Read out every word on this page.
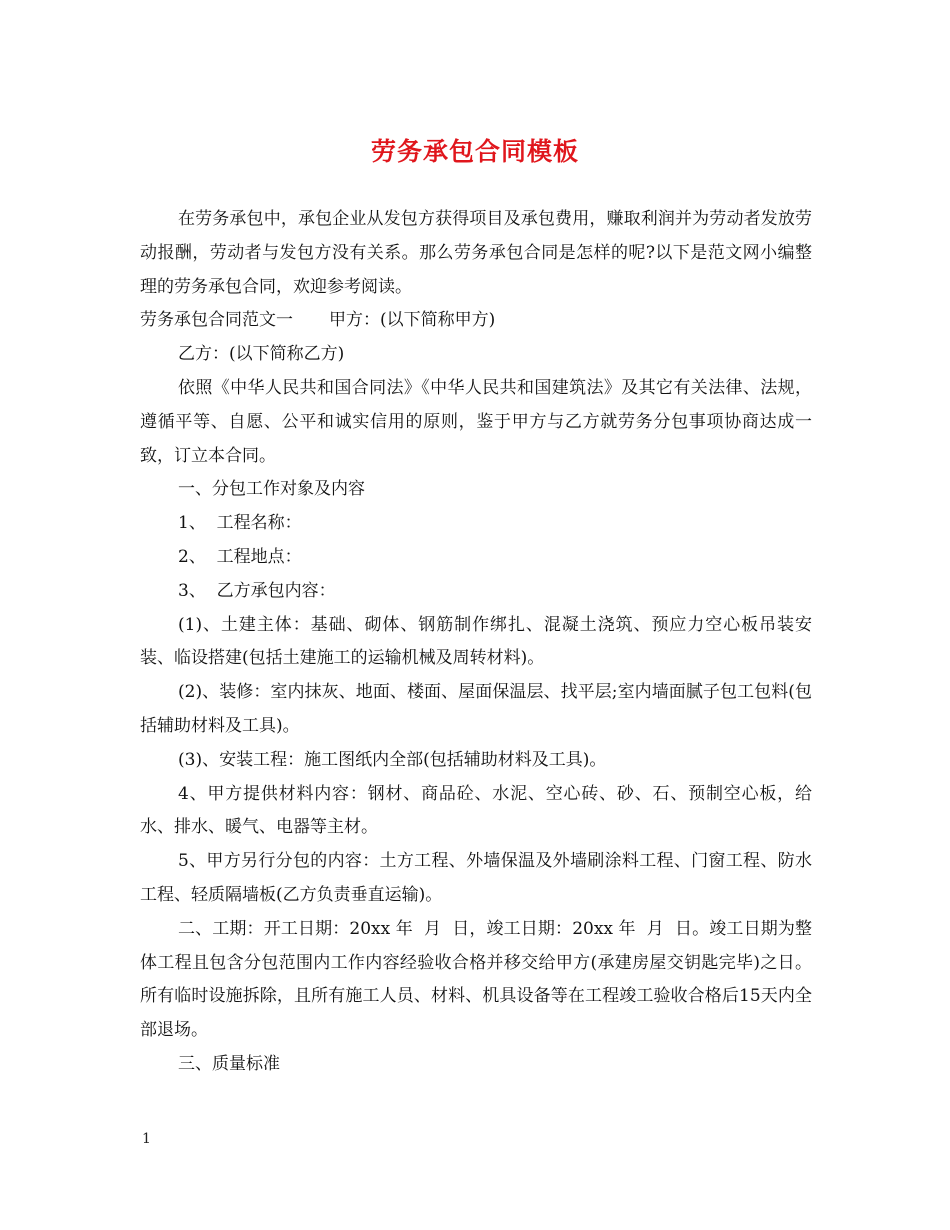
劳务承包合同模板

在劳务承包中，承包企业从发包方获得项目及承包费用，赚取利润并为劳动者发放劳动报酬，劳动者与发包方没有关系。那么劳务承包合同是怎样的呢?以下是范文网小编整理的劳务承包合同，欢迎参考阅读。

劳务承包合同范文一 甲方：(以下简称甲方)

乙方：(以下简称乙方)

依照《中华人民共和国合同法》《中华人民共和国建筑法》及其它有关法律、法规，遵循平等、自愿、公平和诚实信用的原则，鉴于甲方与乙方就劳务分包事项协商达成一致，订立本合同。

一、分包工作对象及内容

1、  工程名称：

2、  工程地点：

3、  乙方承包内容：

(1)、土建主体：基础、砌体、钢筋制作绑扎、混凝土浇筑、预应力空心板吊装安装、临设搭建(包括土建施工的运输机械及周转材料)。

(2)、装修：室内抹灰、地面、楼面、屋面保温层、找平层;室内墙面腻子包工包料(包括辅助材料及工具)。

(3)、安装工程：施工图纸内全部(包括辅助材料及工具)。

4、甲方提供材料内容：钢材、商品砼、水泥、空心砖、砂、石、预制空心板，给水、排水、暖气、电器等主材。

5、甲方另行分包的内容：土方工程、外墙保温及外墙刷涂料工程、门窗工程、防水工程、轻质隔墙板(乙方负责垂直运输)。

二、工期：开工日期：20xx 年  月  日，竣工日期：20xx 年  月  日。竣工日期为整体工程且包含分包范围内工作内容经验收合格并移交给甲方(承建房屋交钥匙完毕)之日。所有临时设施拆除，且所有施工人员、材料、机具设备等在工程竣工验收合格后15天内全部退场。

三、质量标准

1
